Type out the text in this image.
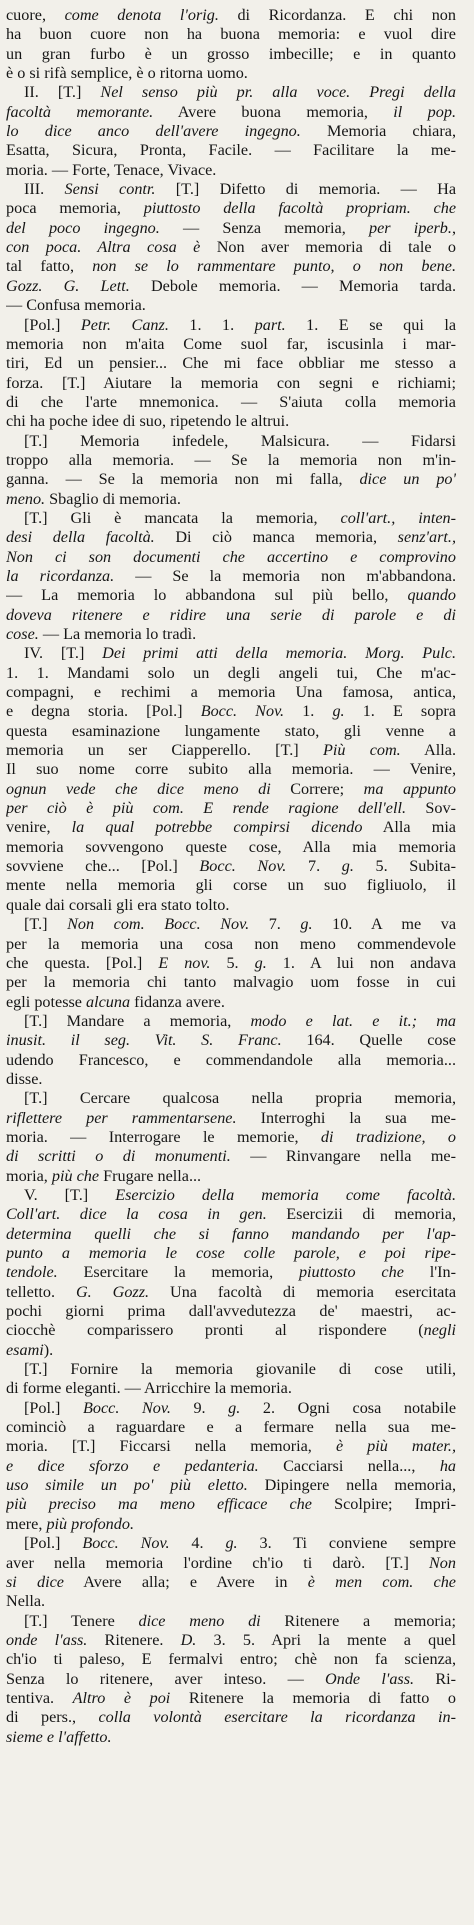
cuore, come denota l'orig. di Ricordanza. E chi non
ha buon cuore non ha buona memoria: e vuol dire
un gran furbo è un grosso imbecille; e in quanto
è o si rifà semplice, è o ritorna uomo.
II. [T.] Nel senso più pr. alla voce. Pregi della
facoltà memorante. Avere buona memoria, il pop.
lo dice anco dell'avere ingegno. Memoria chiara,
Esatta, Sicura, Pronta, Facile. — Facilitare la me-
moria. — Forte, Tenace, Vivace.
III. Sensi contr. [T.] Difetto di memoria. — Ha
poca memoria, piuttosto della facoltà propriam. che
del poco ingegno. — Senza memoria, per iperb.,
con poca. Altra cosa è Non aver memoria di tale o
tal fatto, non se lo rammentare punto, o non bene.
Gozz. G. Lett. Debole memoria. — Memoria tarda.
— Confusa memoria.
[Pol.] Petr. Canz. 1. 1. part. 1. E se qui la
memoria non m'aita Come suol far, iscusinla i mar-
tiri, Ed un pensier... Che mi face obbliar me stesso a
forza. [T.] Aiutare la memoria con segni e richiami;
di che l'arte mnemonica. — S'aiuta colla memoria
chi ha poche idee di suo, ripetendo le altrui.
[T.] Memoria infedele, Malsicura. — Fidarsi
troppo alla memoria. — Se la memoria non m'in-
ganna. — Se la memoria non mi falla, dice un po'
meno. Sbaglio di memoria.
[T.] Gli è mancata la memoria, coll'art., inten-
desi della facoltà. Di ciò manca memoria, senz'art.,
Non ci son documenti che accertino e comprovino
la ricordanza. — Se la memoria non m'abbandona.
— La memoria lo abbandona sul più bello, quando
doveva ritenere e ridire una serie di parole e di
cose. — La memoria lo tradì.
IV. [T.] Dei primi atti della memoria. Morg. Pulc.
1. 1. Mandami solo un degli angeli tui, Che m'ac-
compagni, e rechimi a memoria Una famosa, antica,
e degna storia. [Pol.] Bocc. Nov. 1. g. 1. E sopra
questa esaminazione lungamente stato, gli venne a
memoria un ser Ciapperello. [T.] Più com. Alla.
Il suo nome corre subito alla memoria. — Venire,
ognun vede che dice meno di Correre; ma appunto
per ciò è più com. E rende ragione dell'ell. Sov-
venire, la qual potrebbe compirsi dicendo Alla mia
memoria sovvengono queste cose, Alla mia memoria
sovviene che... [Pol.] Bocc. Nov. 7. g. 5. Subita-
mente nella memoria gli corse un suo figliuolo, il
quale dai corsali gli era stato tolto.
[T.] Non com. Bocc. Nov. 7. g. 10. A me va
per la memoria una cosa non meno commendevole
che questa. [Pol.] E nov. 5. g. 1. A lui non andava
per la memoria chi tanto malvagio uom fosse in cui
egli potesse alcuna fidanza avere.
[T.] Mandare a memoria, modo e lat. e it.; ma
inusit. il seg. Vit. S. Franc. 164. Quelle cose
udendo Francesco, e commendandole alla memoria...
disse.
[T.] Cercare qualcosa nella propria memoria,
riflettere per rammentarsene. Interroghi la sua me-
moria. — Interrogare le memorie, di tradizione, o
di scritti o di monumenti. — Rinvangare nella me-
moria, più che Frugare nella...
V. [T.] Esercizio della memoria come facoltà.
Coll'art. dice la cosa in gen. Esercizii di memoria,
determina quelli che si fanno mandando per l'ap-
punto a memoria le cose colle parole, e poi ripe-
tendole. Esercitare la memoria, piuttosto che l'In-
telletto. G. Gozz. Una facoltà di memoria esercitata
pochi giorni prima dall'avvedutezza de' maestri, ac-
ciocchè comparissero pronti al rispondere (negli
esami).
[T.] Fornire la memoria giovanile di cose utili,
di forme eleganti. — Arricchire la memoria.
[Pol.] Bocc. Nov. 9. g. 2. Ogni cosa notabile
cominciò a raguardare e a fermare nella sua me-
moria. [T.] Ficcarsi nella memoria, è più mater.,
e dice sforzo e pedanteria. Cacciarsi nella..., ha
uso simile un po' più eletto. Dipingere nella memoria,
più preciso ma meno efficace che Scolpire; Impri-
mere, più profondo.
[Pol.] Bocc. Nov. 4. g. 3. Ti conviene sempre
aver nella memoria l'ordine ch'io ti darò. [T.] Non
si dice Avere alla; e Avere in è men com. che
Nella.
[T.] Tenere dice meno di Ritenere a memoria;
onde l'ass. Ritenere. D. 3. 5. Apri la mente a quel
ch'io ti paleso, E fermalvi entro; chè non fa scienza,
Senza lo ritenere, aver inteso. — Onde l'ass. Ri-
tentiva. Altro è poi Ritenere la memoria di fatto o
di pers., colla volontà esercitare la ricordanza in-
sieme e l'affetto.
